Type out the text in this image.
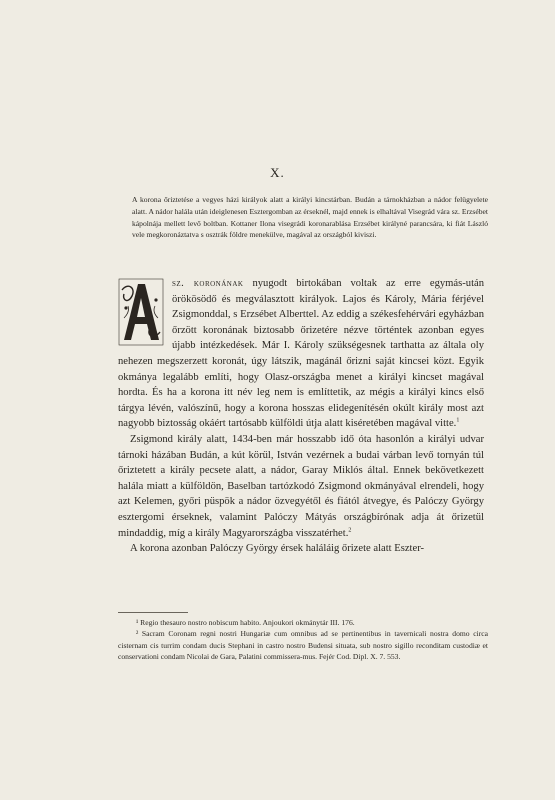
X.
A korona őriztetése a vegyes házi királyok alatt a királyi kincstárban. Budán a tárnokházban a nádor felügyelete alatt. A nádor halála után ideiglenesen Esztergomban az érseknél, majd ennek is elhaltával Visegrád vára sz. Erzsébet kápolnája mellett levő boltban. Kottaner Ilona visegrádi koronarablása Erzsébet királyné parancsára, ki fiát László vele megkoronáztatva s osztrák földre menekülve, magával az országból kiviszi.

sz. koronának nyugodt birtokában voltak az erre egymás-után örökösödő és megválasztott királyok. Lajos és Károly, Mária férjével Zsigmonddal, s Erzsébet Alberttel. Az eddig a székesfehérvári egyházban őrzött koronának biztosabb őrizetére nézve történtek azonban egyes újabb intézkedések. Már I. Károly szükségesnek tarthatta az általa oly nehezen megszerzett koronát, úgy látszik, magánál őrizni saját kincsei közt. Egyik okmánya legalább említi, hogy Olasz-országba menet a királyi kincset magával hordta. És ha a korona itt név leg nem is említtetik, az mégis a királyi kincs első tárgya lévén, valószínű, hogy a korona hosszas elidegenítésén okúlt király most azt nagyobb biztosság okáért tartósabb külföldi útja alatt kiséretében magával vitte.$^1$

Zsigmond király alatt, 1434-ben már hosszabb idő óta hasonlón a királyi udvar tárnoki házában Budán, a kút körül, István vezérnek a budai várban levő tornyán túl őriztetett a király pecsete alatt, a nádor, Garay Miklós által. Ennek bekövetkezett halála miatt a külföldön, Baselban tartózkodó Zsigmond okmányával elrendeli, hogy azt Kelemen, győri püspök a nádor özvegyétől és fiától átvegye, és Palóczy György esztergomi érseknek, valamint Palóczy Mátyás országbírónak adja át őrizetül mindaddig, míg a király Magyarországba visszatérhet.$^2$

A korona azonban Palóczy György érsek haláláig őrizete alatt Eszter-

¹ Regio thesauro nostro nobiscum habito. Anjoukori okmánytár III. 176.

² Sacram Coronam regni nostri Hungariæ cum omnibus ad se pertinentibus in tavernicali nostra domo circa cisternam cis turrim condam ducis Stephani in castro nostro Budensi situata, sub nostro sigillo reconditam custodiæ et conservationi condam Nicolai de Gara, Palatini commissera-mus. Fejér Cod. Dipl. X. 7. 553.
